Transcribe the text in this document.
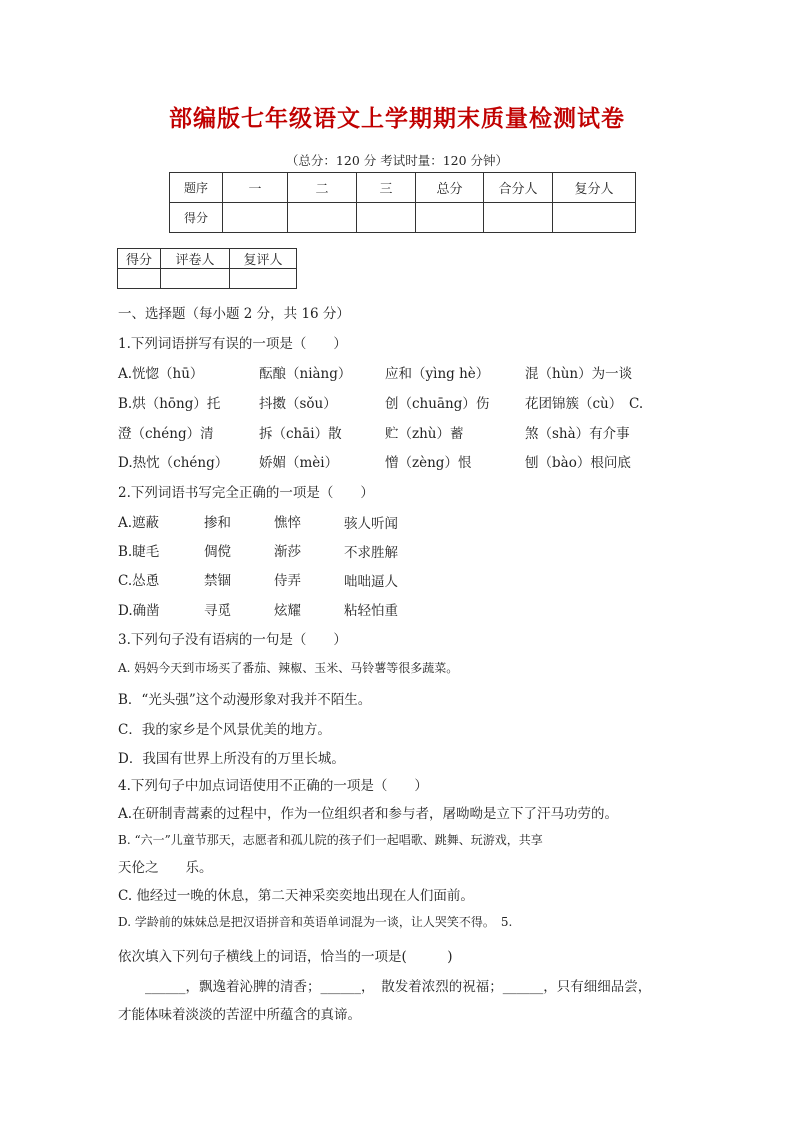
部编版七年级语文上学期期末质量检测试卷
（总分：120 分 考试时量：120 分钟）
题序	一	二	三	总分	合分人	复分人
得分						
得分	评卷人	复评人

一、选择题（每小题 2 分，共 16 分）
1.下列词语拼写有误的一项是（　　）
A.恍惚（hū）	酝酿（niàng） 应和（yìng hè）	混（hùn）为一谈
B.烘（hōng）托	抖擞（sǒu）	创（chuāng）伤	花团锦簇（cù）　C.
澄（chéng）清	拆（chāi）散	贮（zhù）蓄	煞（shà）有介事
D.热忱（chéng） 娇媚（mèi）	憎（zèng）恨	刨（bào）根问底
2.下列词语书写完全正确的一项是（　　）
A.遮蔽	掺和	憔悴	骇人听闻
B.睫毛	倜傥	渐莎	不求胜解
C.怂恿	禁锢	侍弄	咄咄逼人
D.确凿	寻觅	炫耀	粘轻怕重
3.下列句子没有语病的一句是（　　）
A. 妈妈今天到市场买了番茄、辣椒、玉米、马铃薯等很多蔬菜。
B．“光头强”这个动漫形象对我并不陌生。
C．我的家乡是个风景优美的地方。
D．我国有世界上所没有的万里长城。
4.下列句子中加点词语使用不正确的一项是（　　）
A.在研制青蒿素的过程中，作为一位组织者和参与者，屠呦呦是立下了汗马功劳的。
B. “六一”儿童节那天，志愿者和孤儿院的孩子们一起唱歌、跳舞、玩游戏，共享
天伦之　　乐。
C. 他经过一晚的休息，第二天神采奕奕地出现在人们面前。
D. 学龄前的妹妹总是把汉语拼音和英语单词混为一谈，让人哭笑不得。　5.
依次填入下列句子横线上的词语，恰当的一项是(　　　)
　　______，飘逸着沁脾的清香；______，　散发着浓烈的祝福；______，只有细细品尝，
才能体味着淡淡的苦涩中所蕴含的真谛。
